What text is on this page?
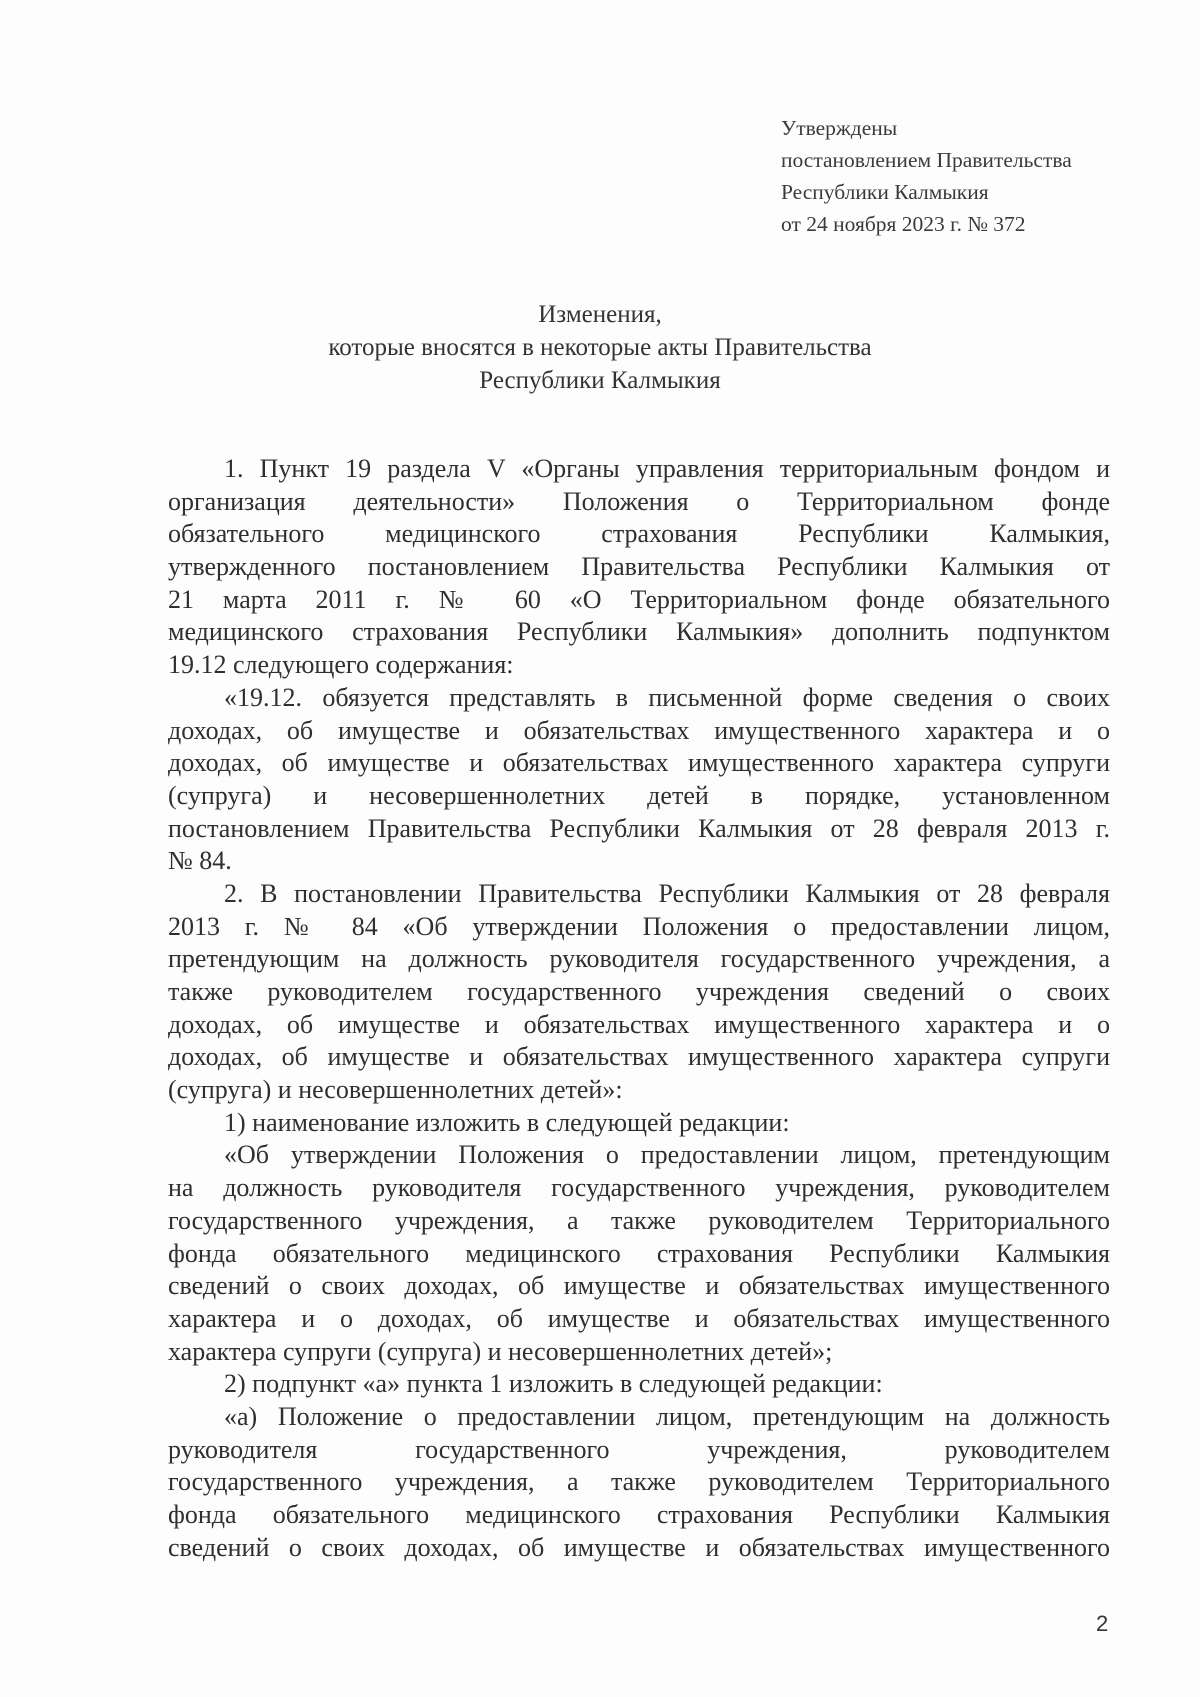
Утверждены
постановлением Правительства
Республики Калмыкия
от 24 ноября 2023 г. № 372
Изменения,
которые вносятся в некоторые акты Правительства
Республики Калмыкия
1. Пункт 19 раздела V «Органы управления территориальным фондом и
организация деятельности» Положения о Территориальном фонде
обязательного медицинского страхования Республики Калмыкия,
утвержденного постановлением Правительства Республики Калмыкия от
21 марта 2011 г. № 60 «О Территориальном фонде обязательного
медицинского страхования Республики Калмыкия» дополнить подпунктом
19.12 следующего содержания:
«19.12. обязуется представлять в письменной форме сведения о своих
доходах, об имуществе и обязательствах имущественного характера и о
доходах, об имуществе и обязательствах имущественного характера супруги
(супруга) и несовершеннолетних детей в порядке, установленном
постановлением Правительства Республики Калмыкия от 28 февраля 2013 г.
№ 84.
2. В постановлении Правительства Республики Калмыкия от 28 февраля
2013 г. № 84 «Об утверждении Положения о предоставлении лицом,
претендующим на должность руководителя государственного учреждения, а
также руководителем государственного учреждения сведений о своих
доходах, об имуществе и обязательствах имущественного характера и о
доходах, об имуществе и обязательствах имущественного характера супруги
(супруга) и несовершеннолетних детей»:
1) наименование изложить в следующей редакции:
«Об утверждении Положения о предоставлении лицом, претендующим
на должность руководителя государственного учреждения, руководителем
государственного учреждения, а также руководителем Территориального
фонда обязательного медицинского страхования Республики Калмыкия
сведений о своих доходах, об имуществе и обязательствах имущественного
характера и о доходах, об имуществе и обязательствах имущественного
характера супруги (супруга) и несовершеннолетних детей»;
2) подпункт «а» пункта 1 изложить в следующей редакции:
«а) Положение о предоставлении лицом, претендующим на должность
руководителя государственного учреждения, руководителем
государственного учреждения, а также руководителем Территориального
фонда обязательного медицинского страхования Республики Калмыкия
сведений о своих доходах, об имуществе и обязательствах имущественного
2
